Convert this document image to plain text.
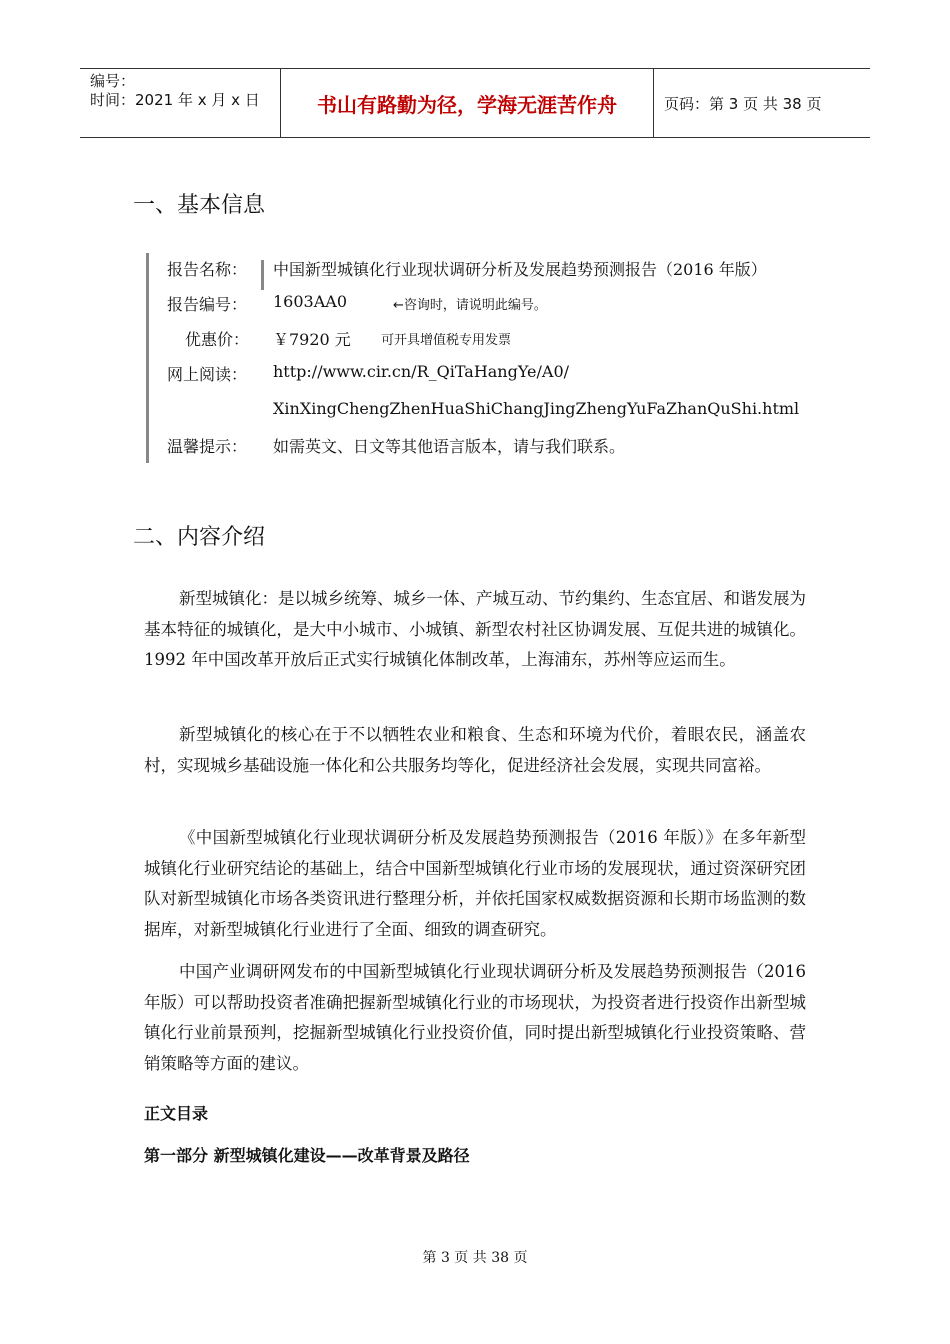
编号：
时间：2021 年 x 月 x 日	书山有路勤为径，学海无涯苦作舟	页码：第 3 页 共 38 页
一、基本信息
报告名称： 中国新型城镇化行业现状调研分析及发展趋势预测报告（2016 年版）
报告编号： 1603AA0	←咨询时，请说明此编号。
优惠价：	￥7920 元 可开具增值税专用发票
网上阅读： http://www.cir.cn/R_QiTaHangYe/A0/
XinXingChengZhenHuaShiChangJingZhengYuFaZhanQuShi.html
温馨提示： 如需英文、日文等其他语言版本，请与我们联系。
二、内容介绍

新型城镇化：是以城乡统筹、城乡一体、产城互动、节约集约、生态宜居、和谐发展为基本特征的城镇化，是大中小城市、小城镇、新型农村社区协调发展、互促共进的城镇化。1992 年中国改革开放后正式实行城镇化体制改革，上海浦东，苏州等应运而生。

新型城镇化的核心在于不以牺牲农业和粮食、生态和环境为代价，着眼农民，涵盖农村，实现城乡基础设施一体化和公共服务均等化，促进经济社会发展，实现共同富裕。

《中国新型城镇化行业现状调研分析及发展趋势预测报告（2016 年版）》在多年新型城镇化行业研究结论的基础上，结合中国新型城镇化行业市场的发展现状，通过资深研究团队对新型城镇化市场各类资讯进行整理分析，并依托国家权威数据资源和长期市场监测的数据库，对新型城镇化行业进行了全面、细致的调查研究。

中国产业调研网发布的中国新型城镇化行业现状调研分析及发展趋势预测报告（2016 年版）可以帮助投资者准确把握新型城镇化行业的市场现状，为投资者进行投资作出新型城镇化行业前景预判，挖掘新型城镇化行业投资价值，同时提出新型城镇化行业投资策略、营销策略等方面的建议。

正文目录
第一部分 新型城镇化建设——改革背景及路径
第 3 页 共 38 页
